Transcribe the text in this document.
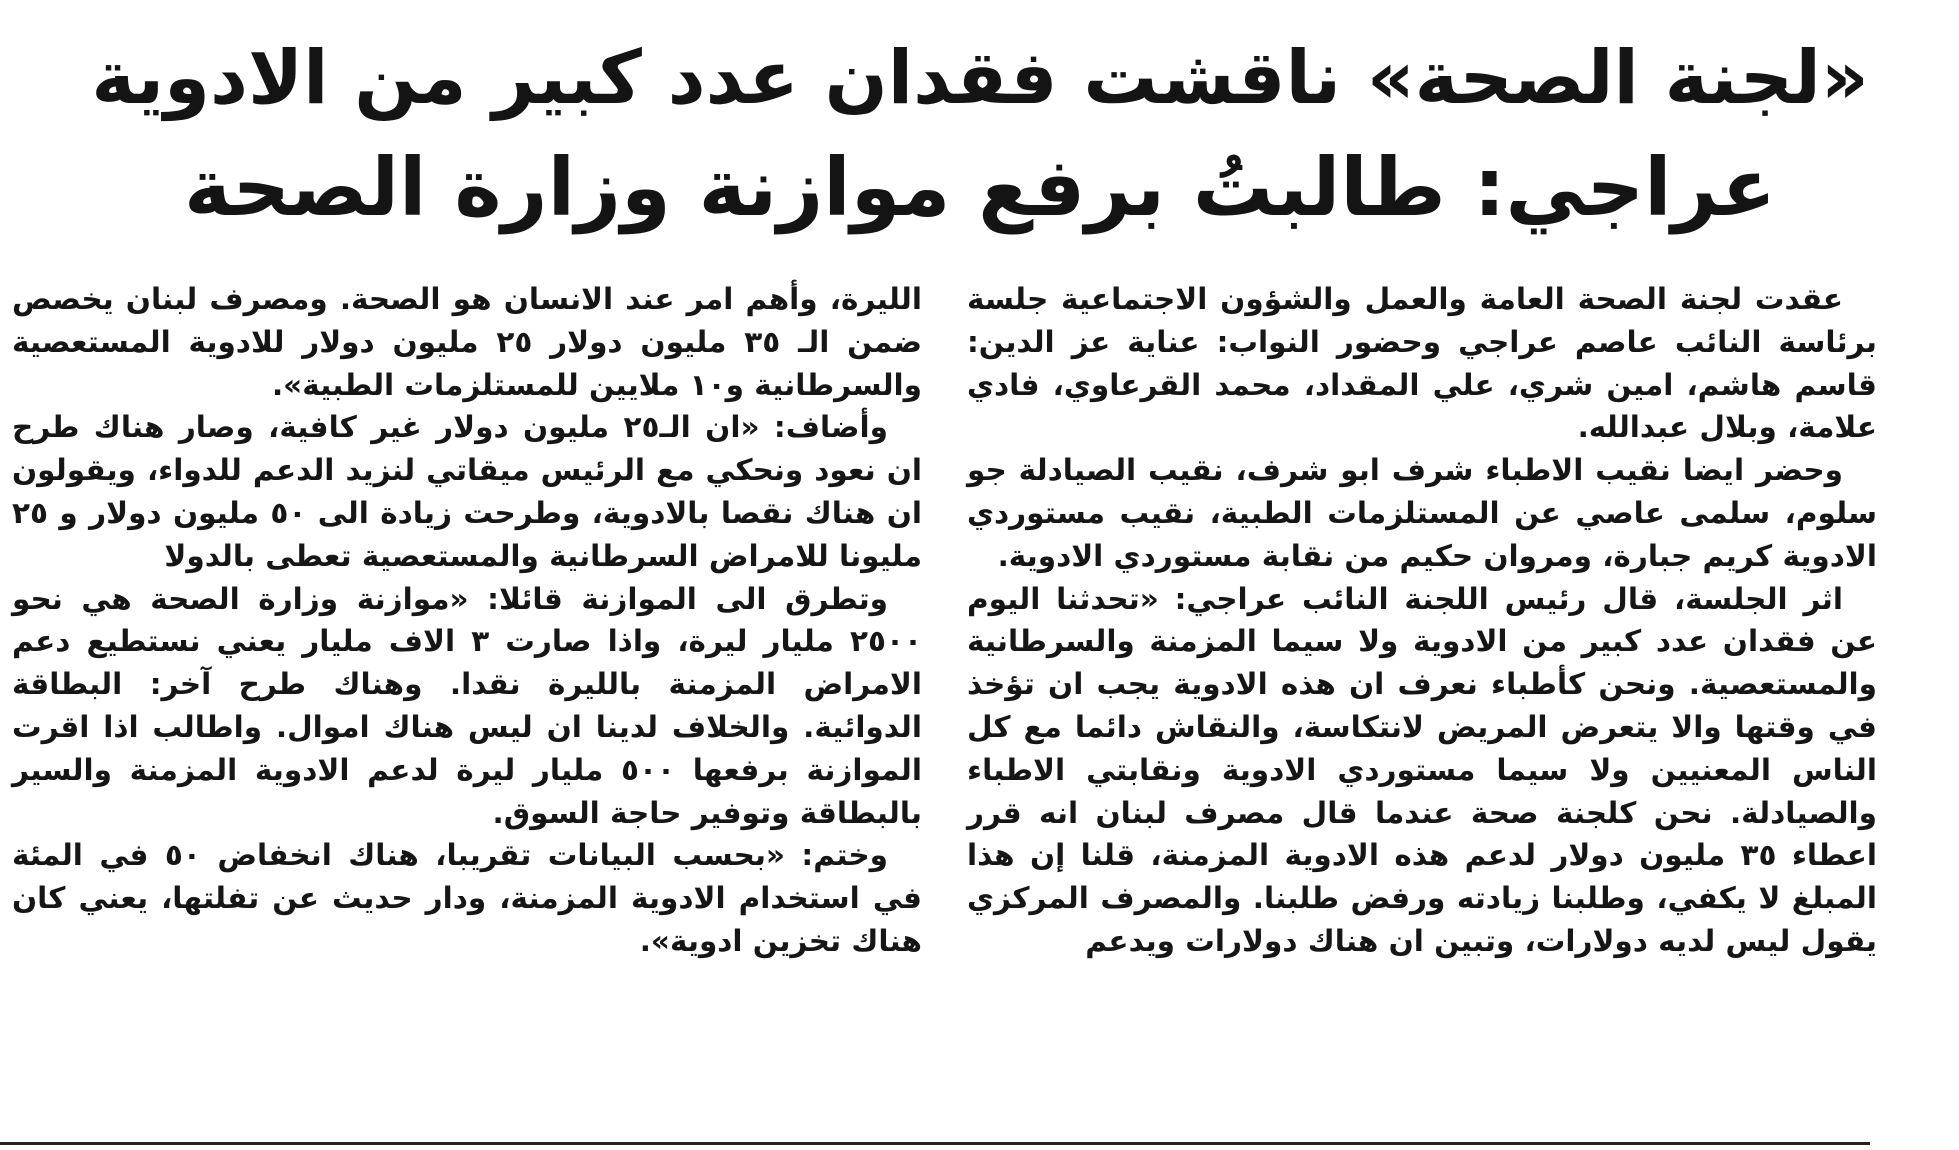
«لجنة الصحة» ناقشت فقدان عدد كبير من الادوية
عراجي: طالبتُ برفع موازنة وزارة الصحة

عقدت لجنة الصحة العامة والعمل والشؤون الاجتماعية جلسة برئاسة النائب عاصم عراجي وحضور النواب: عناية عز الدين: قاسم هاشم، امين شري، علي المقداد، محمد القرعاوي، فادي علامة، وبلال عبدالله.

وحضر ايضا نقيب الاطباء شرف ابو شرف، نقيب الصيادلة جو سلوم، سلمى عاصي عن المستلزمات الطبية، نقيب مستوردي الادوية كريم جبارة، ومروان حكيم من نقابة مستوردي الادوية.

اثر الجلسة، قال رئيس اللجنة النائب عراجي: «تحدثنا اليوم عن فقدان عدد كبير من الادوية ولا سيما المزمنة والسرطانية والمستعصية. ونحن كأطباء نعرف ان هذه الادوية يجب ان تؤخذ في وقتها والا يتعرض المريض لانتكاسة، والنقاش دائما مع كل الناس المعنيين ولا سيما مستوردي الادوية ونقابتي الاطباء والصيادلة. نحن كلجنة صحة عندما قال مصرف لبنان انه قرر اعطاء ٣٥ مليون دولار لدعم هذه الادوية المزمنة، قلنا إن هذا المبلغ لا يكفي، وطلبنا زيادته ورفض طلبنا. والمصرف المركزي يقول ليس لديه دولارات، وتبين ان هناك دولارات ويدعم

الليرة، وأهم امر عند الانسان هو الصحة. ومصرف لبنان يخصص ضمن الـ ٣٥ مليون دولار ٢٥ مليون دولار للادوية المستعصية والسرطانية و١٠ ملايين للمستلزمات الطبية».

وأضاف: «ان الـ٢٥ مليون دولار غير كافية، وصار هناك طرح ان نعود ونحكي مع الرئيس ميقاتي لنزيد الدعم للدواء، ويقولون ان هناك نقصا بالادوية، وطرحت زيادة الى ٥٠ مليون دولار و ٢٥ مليونا للامراض السرطانية والمستعصية تعطى بالدولا

وتطرق الى الموازنة قائلا: «موازنة وزارة الصحة هي نحو ٢٥٠٠ مليار ليرة، واذا صارت ٣ الاف مليار يعني نستطيع دعم الامراض المزمنة بالليرة نقدا. وهناك طرح آخر: البطاقة الدوائية. والخلاف لدينا ان ليس هناك اموال. واطالب اذا اقرت الموازنة برفعها ٥٠٠ مليار ليرة لدعم الادوية المزمنة والسير بالبطاقة وتوفير حاجة السوق.

وختم: «بحسب البيانات تقريبا، هناك انخفاض ٥٠ في المئة في استخدام الادوية المزمنة، ودار حديث عن تفلتها، يعني كان هناك تخزين ادوية».
